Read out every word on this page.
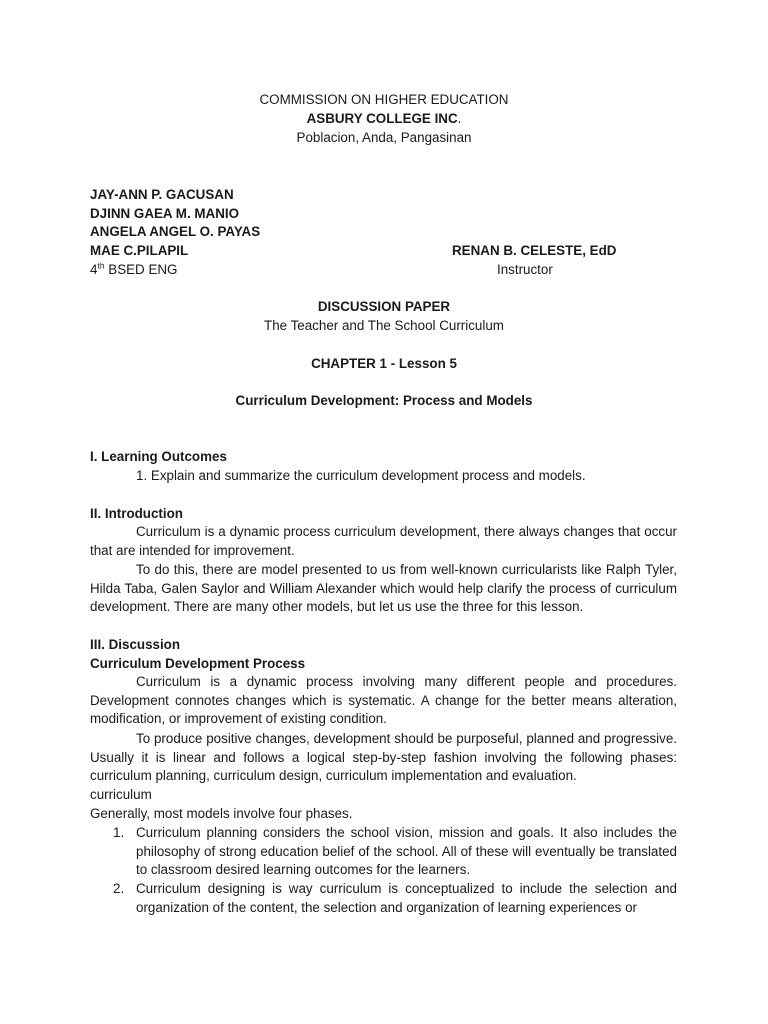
COMMISSION ON HIGHER EDUCATION
ASBURY COLLEGE INC.
Poblacion, Anda, Pangasinan
JAY-ANN P. GACUSAN
DJINN GAEA M. MANIO
ANGELA ANGEL O. PAYAS
MAE C.PILAPIL
4th BSED ENG
RENAN B. CELESTE, EdD
Instructor
DISCUSSION PAPER
The Teacher and The School Curriculum
CHAPTER 1 - Lesson 5
Curriculum Development: Process and Models
I. Learning Outcomes
1. Explain and summarize the curriculum development process and models.
II. Introduction
Curriculum is a dynamic process curriculum development, there always changes that occur that are intended for improvement.
To do this, there are model presented to us from well-known curricularists like Ralph Tyler, Hilda Taba, Galen Saylor and William Alexander which would help clarify the process of curriculum development. There are many other models, but let us use the three for this lesson.
III. Discussion
Curriculum Development Process
Curriculum is a dynamic process involving many different people and procedures. Development connotes changes which is systematic. A change for the better means alteration, modification, or improvement of existing condition.
To produce positive changes, development should be purposeful, planned and progressive. Usually it is linear and follows a logical step-by-step fashion involving the following phases: curriculum planning, curriculum design, curriculum implementation and evaluation.
curriculum
Generally, most models involve four phases.
1. Curriculum planning considers the school vision, mission and goals. It also includes the philosophy of strong education belief of the school. All of these will eventually be translated to classroom desired learning outcomes for the learners.
2. Curriculum designing is way curriculum is conceptualized to include the selection and organization of the content, the selection and organization of learning experiences or
